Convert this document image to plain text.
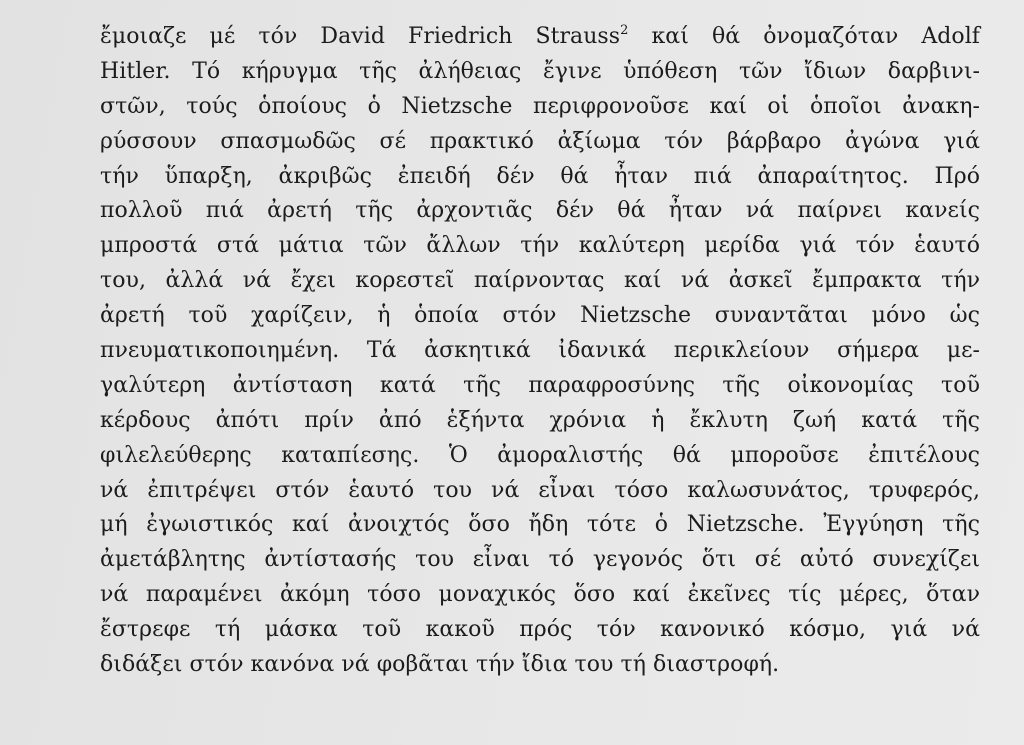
ἔμοιαζε μέ τόν David Friedrich Strauss$^2$ καί θά ὀνομαζόταν Adolf
Hitler. Τό κήρυγμα τῆς ἀλήθειας ἔγινε ὑπόθεση τῶν ἴδιων δαρβινι-
στῶν, τούς ὁποίους ὁ Nietzsche περιφρονοῦσε καί οἱ ὁποῖοι ἀνακη-
ρύσσουν σπασμωδῶς σέ πρακτικό ἀξίωμα τόν βάρβαρο ἀγώνα γιά
τήν ὕπαρξη, ἀκριβῶς ἐπειδή δέν θά ἦταν πιά ἀπαραίτητος. Πρό
πολλοῦ πιά ἀρετή τῆς ἀρχοντιᾶς δέν θά ἦταν νά παίρνει κανείς
μπροστά στά μάτια τῶν ἄλλων τήν καλύτερη μερίδα γιά τόν ἑαυτό
του, ἀλλά νά ἔχει κορεστεῖ παίρνοντας καί νά ἀσκεῖ ἔμπρακτα τήν
ἀρετή τοῦ χαρίζειν, ἡ ὁποία στόν Nietzsche συναντᾶται μόνο ὡς
πνευματικοποιημένη. Τά ἀσκητικά ἰδανικά περικλείουν σήμερα με-
γαλύτερη ἀντίσταση κατά τῆς παραφροσύνης τῆς οἰκονομίας τοῦ
κέρδους ἀπότι πρίν ἀπό ἑξήντα χρόνια ἡ ἔκλυτη ζωή κατά τῆς
φιλελεύθερης καταπίεσης. Ὁ ἀμοραλιστής θά μποροῦσε ἐπιτέλους
νά ἐπιτρέψει στόν ἑαυτό του νά εἶναι τόσο καλωσυνάτος, τρυφερός,
μή ἐγωιστικός καί ἀνοιχτός ὅσο ἤδη τότε ὁ Nietzsche. Ἐγγύηση τῆς
ἀμετάβλητης ἀντίστασής του εἶναι τό γεγονός ὅτι σέ αὐτό συνεχίζει
νά παραμένει ἀκόμη τόσο μοναχικός ὅσο καί ἐκεῖνες τίς μέρες, ὅταν
ἔστρεφε τή μάσκα τοῦ κακοῦ πρός τόν κανονικό κόσμο, γιά νά
διδάξει στόν κανόνα νά φοβᾶται τήν ἴδια του τή διαστροφή.
